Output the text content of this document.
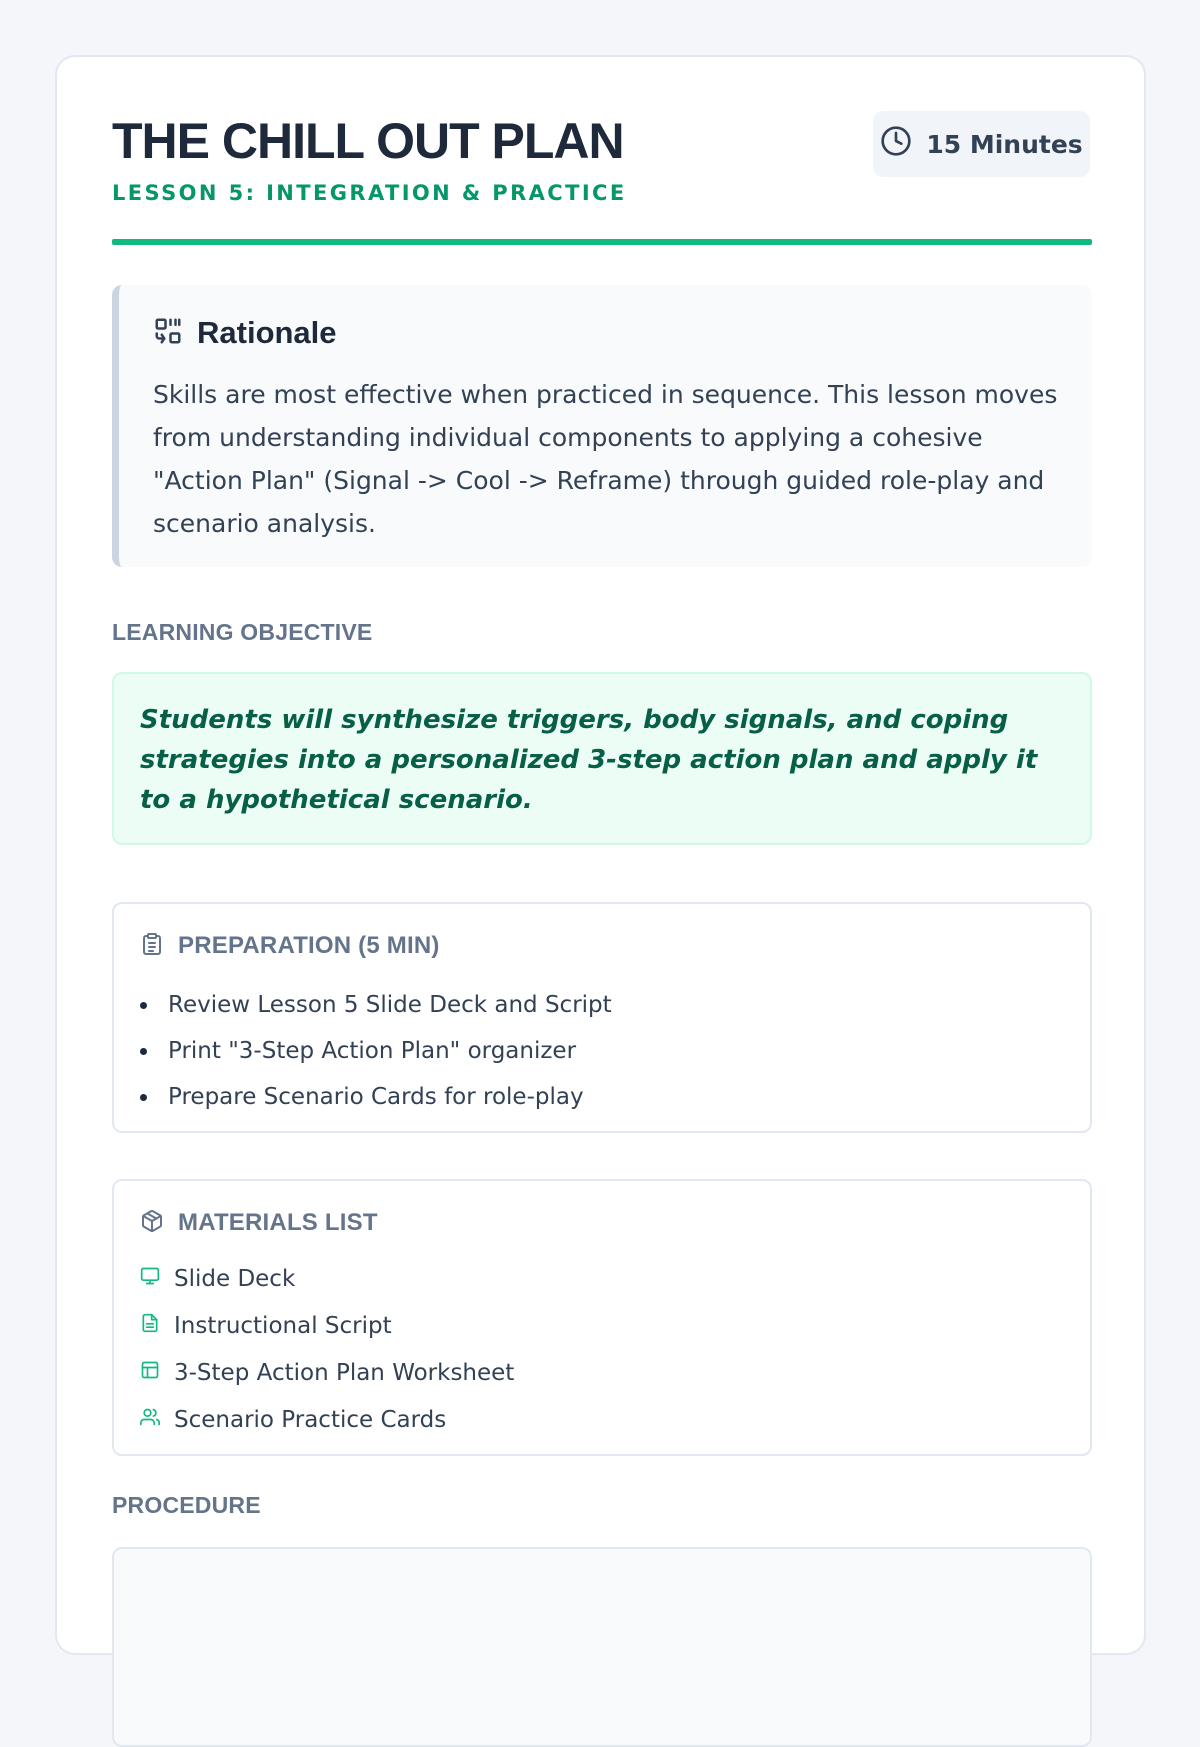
THE CHILL OUT PLAN
LESSON 5: INTEGRATION & PRACTICE
15 Minutes
Rationale
Skills are most effective when practiced in sequence. This lesson moves from understanding individual components to applying a cohesive "Action Plan" (Signal -> Cool -> Reframe) through guided role-play and scenario analysis.
LEARNING OBJECTIVE
Students will synthesize triggers, body signals, and coping strategies into a personalized 3-step action plan and apply it to a hypothetical scenario.
PREPARATION (5 MIN)
Review Lesson 5 Slide Deck and Script
Print "3-Step Action Plan" organizer
Prepare Scenario Cards for role-play
MATERIALS LIST
Slide Deck
Instructional Script
3-Step Action Plan Worksheet
Scenario Practice Cards
PROCEDURE
